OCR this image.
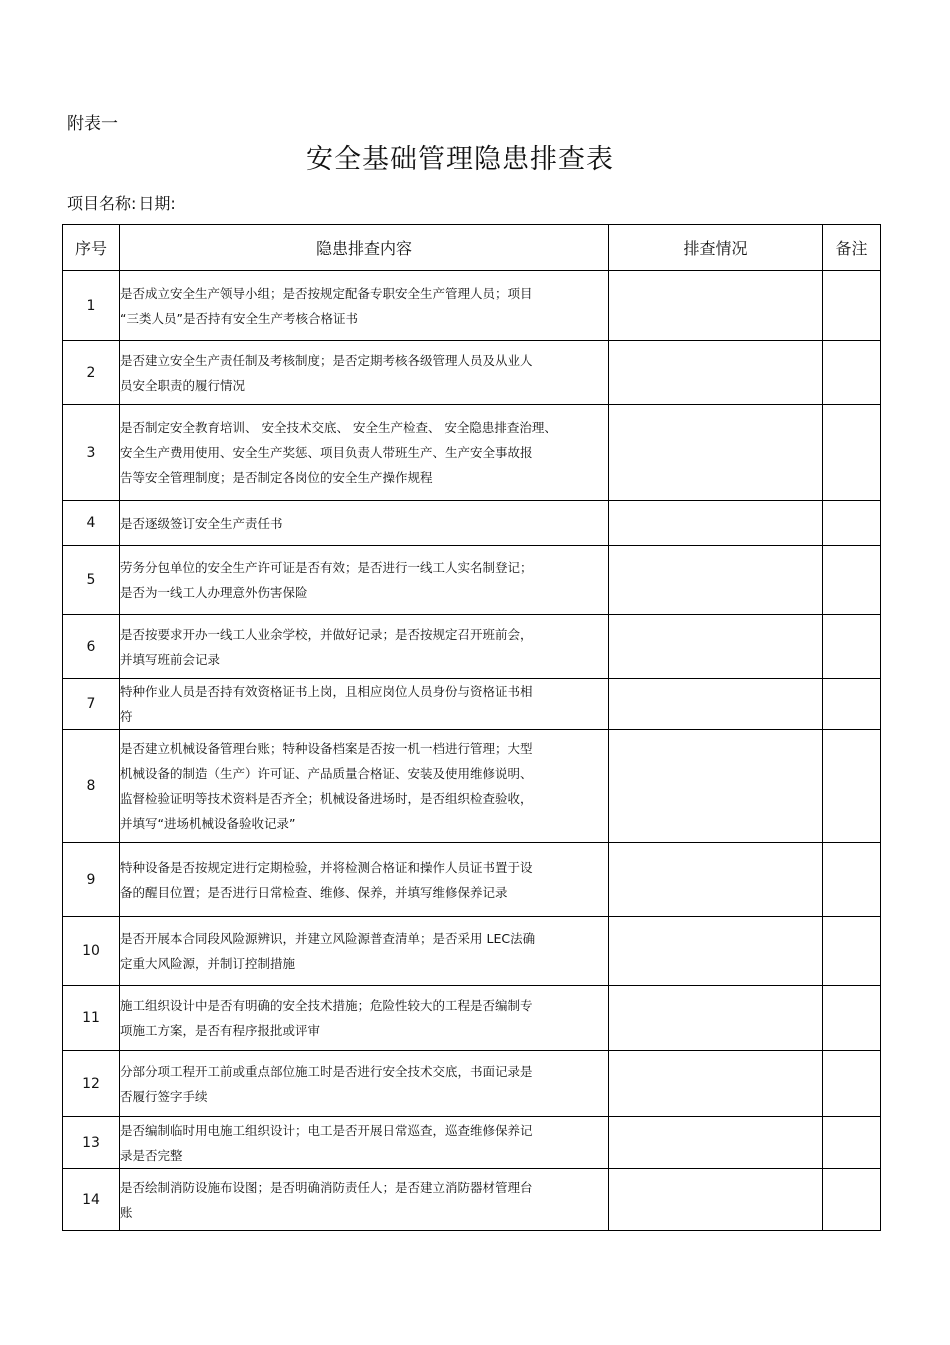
附表一
安全基础管理隐患排查表
项目名称: 日期:
序号	隐患排查内容	排查情况	备注
1	是否成立安全生产领导小组；是否按规定配备专职安全生产管理人员；项目
“三类人员”是否持有安全生产考核合格证书		

2	是否建立安全生产责任制及考核制度；是否定期考核各级管理人员及从业人
员安全职责的履行情况		

3	是否制定安全教育培训、 安全技术交底、 安全生产检查、 安全隐患排查治理、
安全生产费用使用、安全生产奖惩、项目负责人带班生产、生产安全事故报
告等安全管理制度；是否制定各岗位的安全生产操作规程		

4	是否逐级签订安全生产责任书		

5	劳务分包单位的安全生产许可证是否有效；是否进行一线工人实名制登记；
是否为一线工人办理意外伤害保险		

6	是否按要求开办一线工人业余学校，并做好记录；是否按规定召开班前会，
并填写班前会记录		

7	特种作业人员是否持有效资格证书上岗，且相应岗位人员身份与资格证书相
符		

8	是否建立机械设备管理台账；特种设备档案是否按一机一档进行管理；大型
机械设备的制造（生产）许可证、产品质量合格证、安装及使用维修说明、
监督检验证明等技术资料是否齐全；机械设备进场时，是否组织检查验收，
并填写“进场机械设备验收记录”		

9	特种设备是否按规定进行定期检验，并将检测合格证和操作人员证书置于设
备的醒目位置；是否进行日常检查、维修、保养，并填写维修保养记录		

10	是否开展本合同段风险源辨识，并建立风险源普查清单；是否采用 LEC法确
定重大风险源，并制订控制措施		

11	施工组织设计中是否有明确的安全技术措施；危险性较大的工程是否编制专
项施工方案，是否有程序报批或评审		

12	分部分项工程开工前或重点部位施工时是否进行安全技术交底，书面记录是
否履行签字手续		

13	是否编制临时用电施工组织设计；电工是否开展日常巡查，巡查维修保养记
录是否完整		

14	是否绘制消防设施布设图；是否明确消防责任人；是否建立消防器材管理台
账		
